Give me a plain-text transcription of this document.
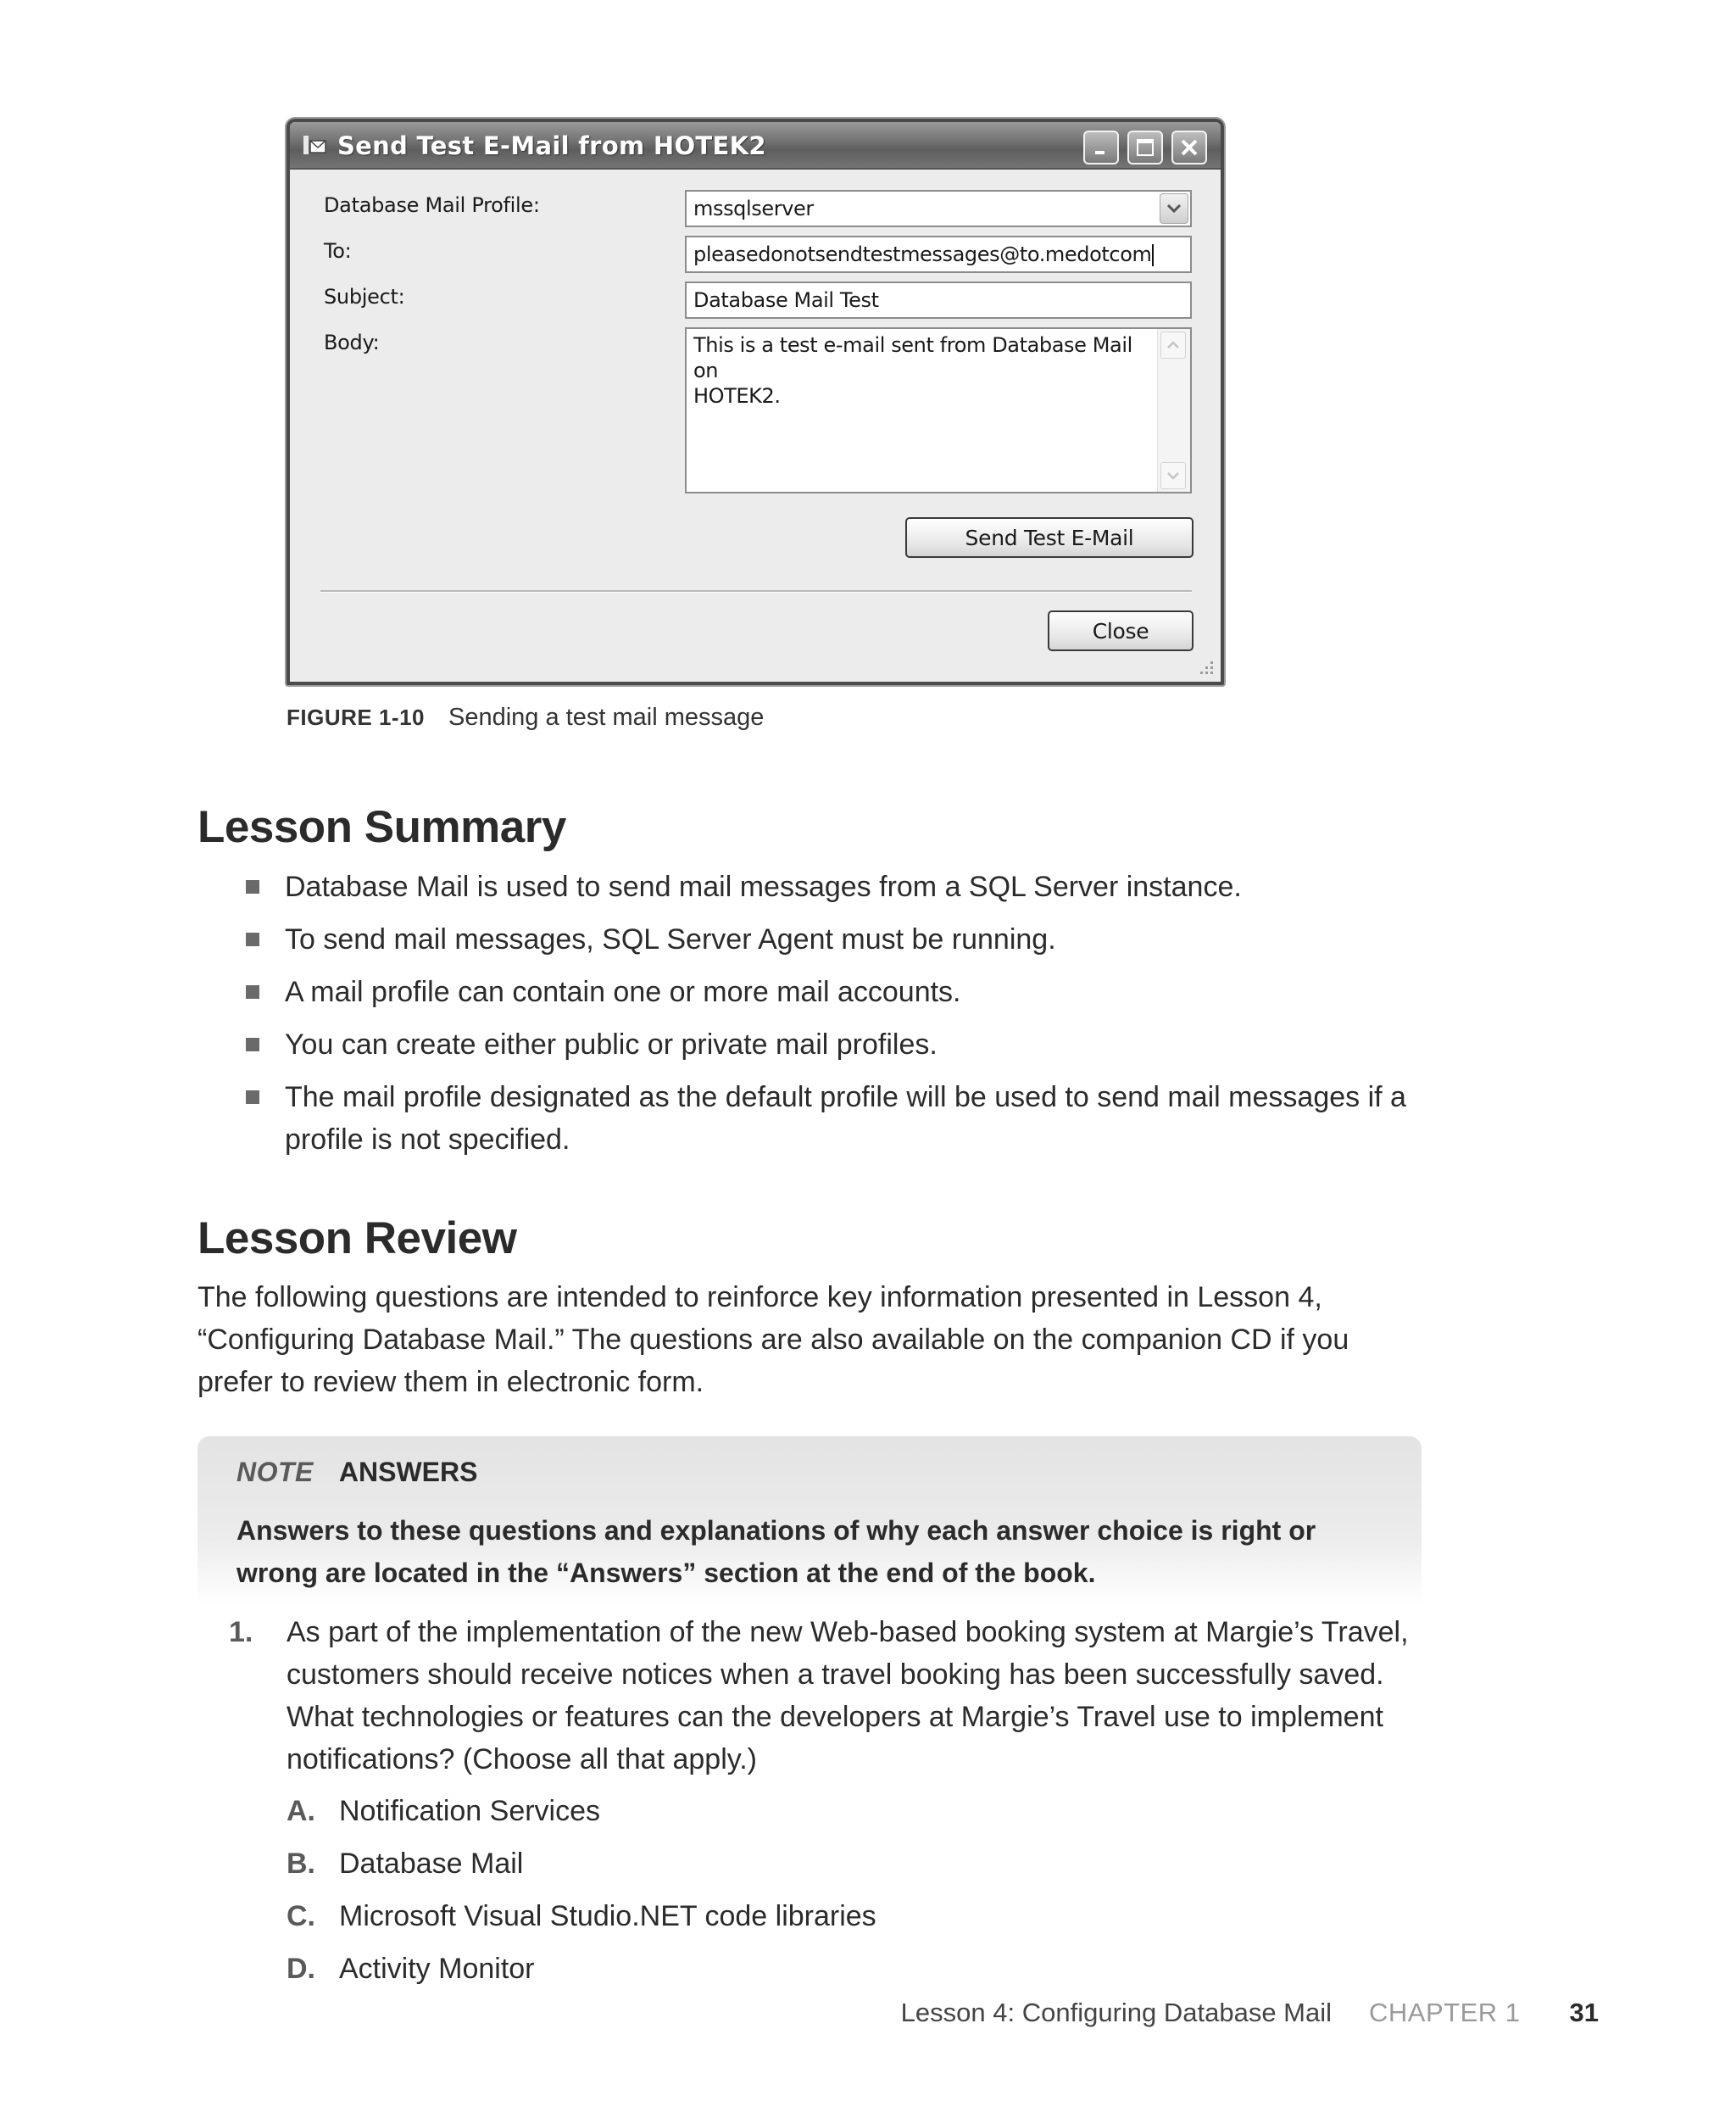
Send Test E-Mail from HOTEK2
Database Mail Profile:	mssqlserver
To:	pleasedonotsendtestmessages@to.medotcom
Subject:	Database Mail Test
Body:	This is a test e-mail sent from Database Mail on
HOTEK2.
Send Test E-Mail
Close
FIGURE 1-10 Sending a test mail message
Lesson Summary
Database Mail is used to send mail messages from a SQL Server instance.
To send mail messages, SQL Server Agent must be running.
A mail profile can contain one or more mail accounts.
You can create either public or private mail profiles.
The mail profile designated as the default profile will be used to send mail messages if a profile is not specified.
Lesson Review

The following questions are intended to reinforce key information presented in Lesson 4, “Configuring Database Mail.” The questions are also available on the companion CD if you prefer to review them in electronic form.

NOTE ANSWERS
Answers to these questions and explanations of why each answer choice is right or wrong are located in the “Answers” section at the end of the book.
1. As part of the implementation of the new Web-based booking system at Margie’s Travel, customers should receive notices when a travel booking has been successfully saved. What technologies or features can the developers at Margie’s Travel use to implement notifications? (Choose all that apply.)
A. Notification Services
B. Database Mail
C. Microsoft Visual Studio.NET code libraries
D. Activity Monitor
Lesson 4: Configuring Database Mail CHAPTER 1 31
